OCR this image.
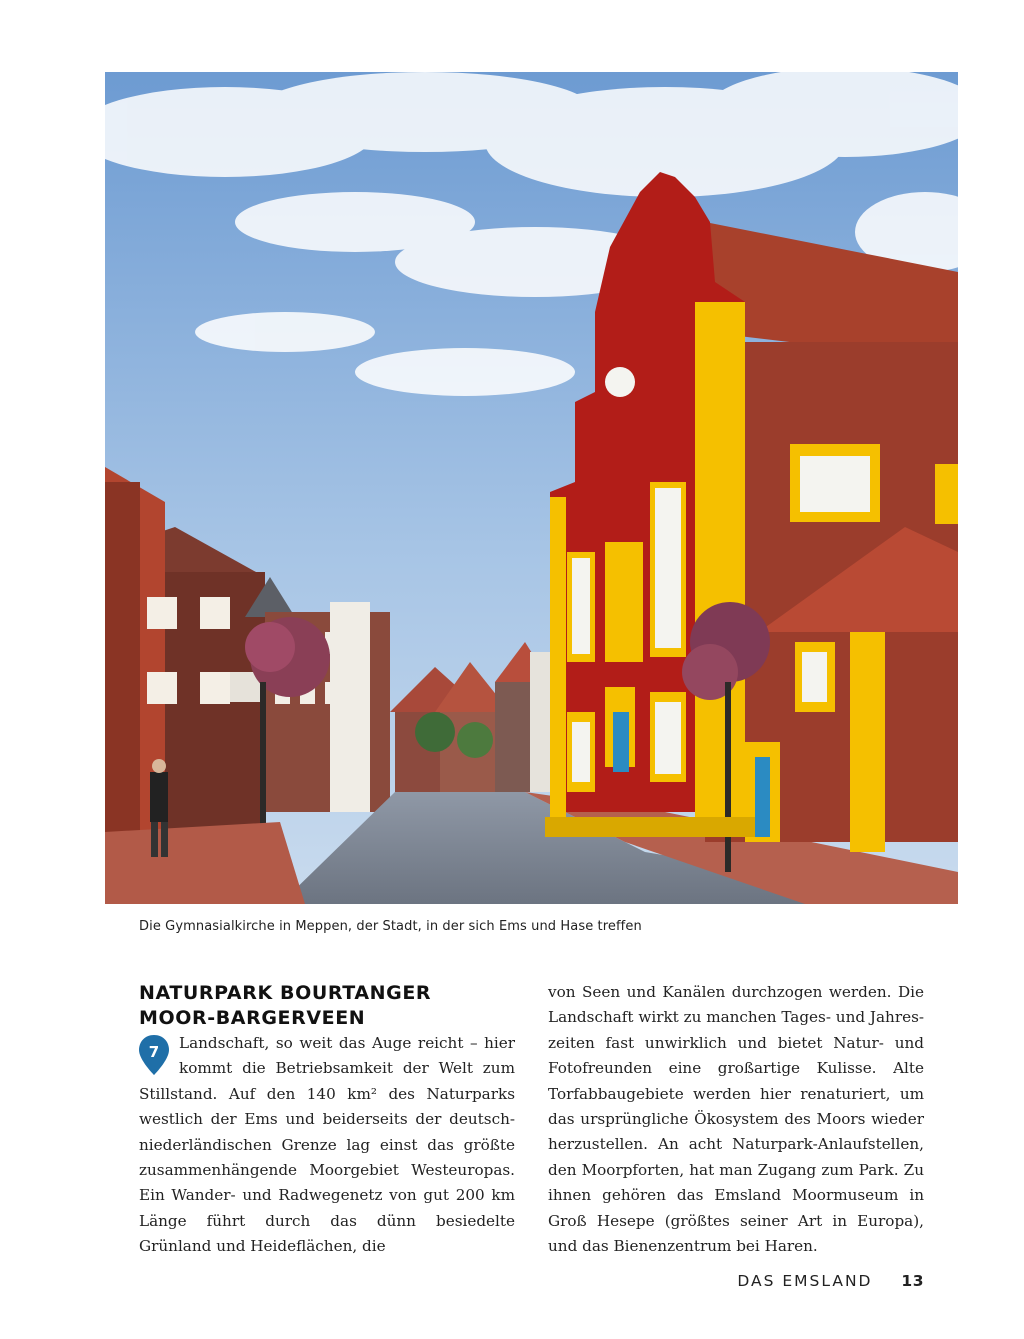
Die Gymnasialkirche in Meppen, der Stadt, in der sich Ems und Hase treffen
NATURPARK BOURTANGER
MOOR-BARGERVEEN
7	Landschaft, so weit das Auge reicht – hier kommt die Betriebsamkeit der Welt zum Stillstand. Auf den 140 km² des Naturparks westlich der Ems und beiderseits der deutsch-niederländischen Grenze lag einst das größte zusammenhängende Moorgebiet Westeuropas. Ein Wander- und Radwegenetz von gut 200 km Länge führt durch das dünn besiedelte Grünland und Heideflächen, die
von Seen und Kanälen durchzogen werden. Die Landschaft wirkt zu manchen Tages- und Jahreszeiten fast unwirklich und bietet Natur- und Fotofreunden eine großartige Kulisse. Alte Torfabbaugebiete werden hier renaturiert, um das ursprüngliche Ökosystem des Moors wieder herzustellen. An acht Naturpark-Anlaufstellen, den Moorpforten, hat man Zugang zum Park. Zu ihnen gehören das Emsland Moormuseum in Groß Hesepe (größtes seiner Art in Europa), und das Bienenzentrum bei Haren.
DAS EMSLAND 13
